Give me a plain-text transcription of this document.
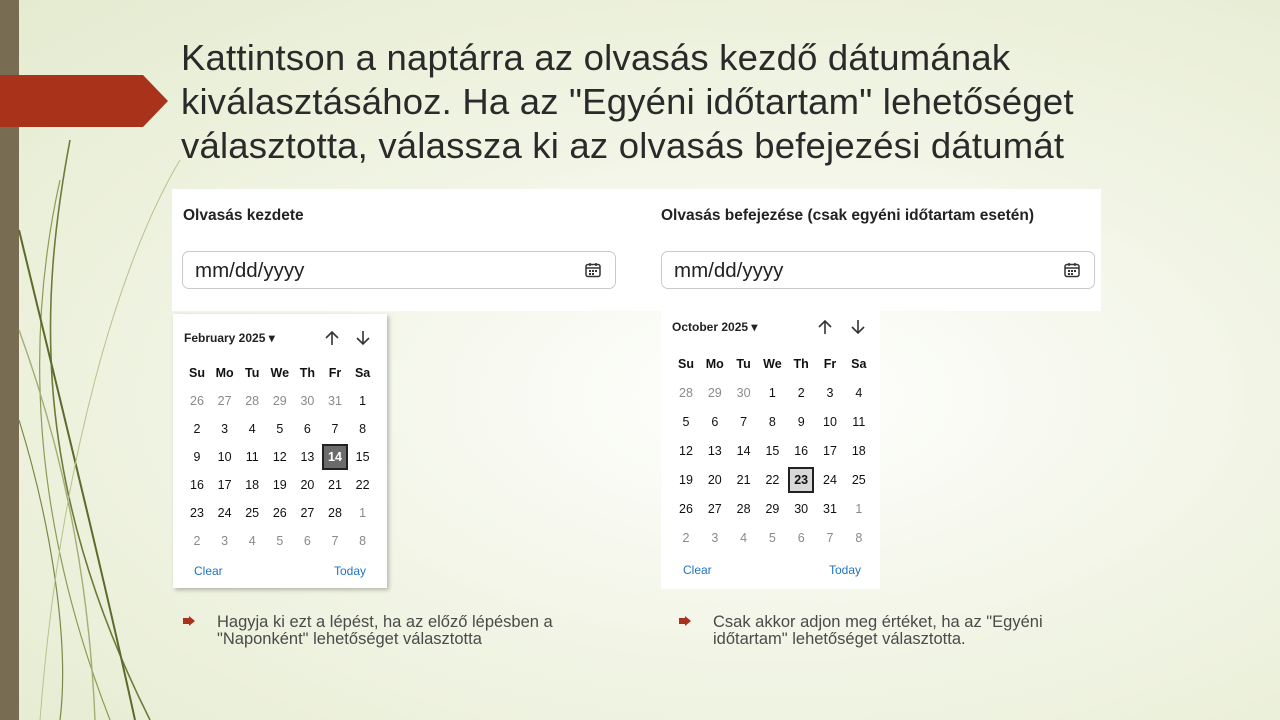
Kattintson a naptárra az olvasás kezdő dátumának kiválasztásához. Ha az "Egyéni időtartam" lehetőséget választotta, válassza ki az olvasás befejezési dátumát
Olvasás kezdete
mm/dd/yyyy
February 2025 ▾
Su Mo Tu We Th	Fr	Sa
26	27	28	29	30	31	1
2	3	4	5	6	7	8
9	10	11	12	13	14	15
16	17	18	19	20	21	22
23	24	25	26	27	28	1
2	3	4	5	6	7	8
Clear	Today
Olvasás befejezése (csak egyéni időtartam esetén)
mm/dd/yyyy
October 2025 ▾
Su Mo	Tu We Th	Fr	Sa
28	29	30	1	2	3	4
5	6	7	8	9	10	11
12	13	14	15	16	17	18
19	20	21	22	23	24	25
26	27	28	29	30	31	1
2	3	4	5	6	7	8
Clear	Today
Hagyja ki ezt a lépést, ha az előző lépésben a "Naponként" lehetőséget választotta
Csak akkor adjon meg értéket, ha az "Egyéni időtartam" lehetőséget választotta.
